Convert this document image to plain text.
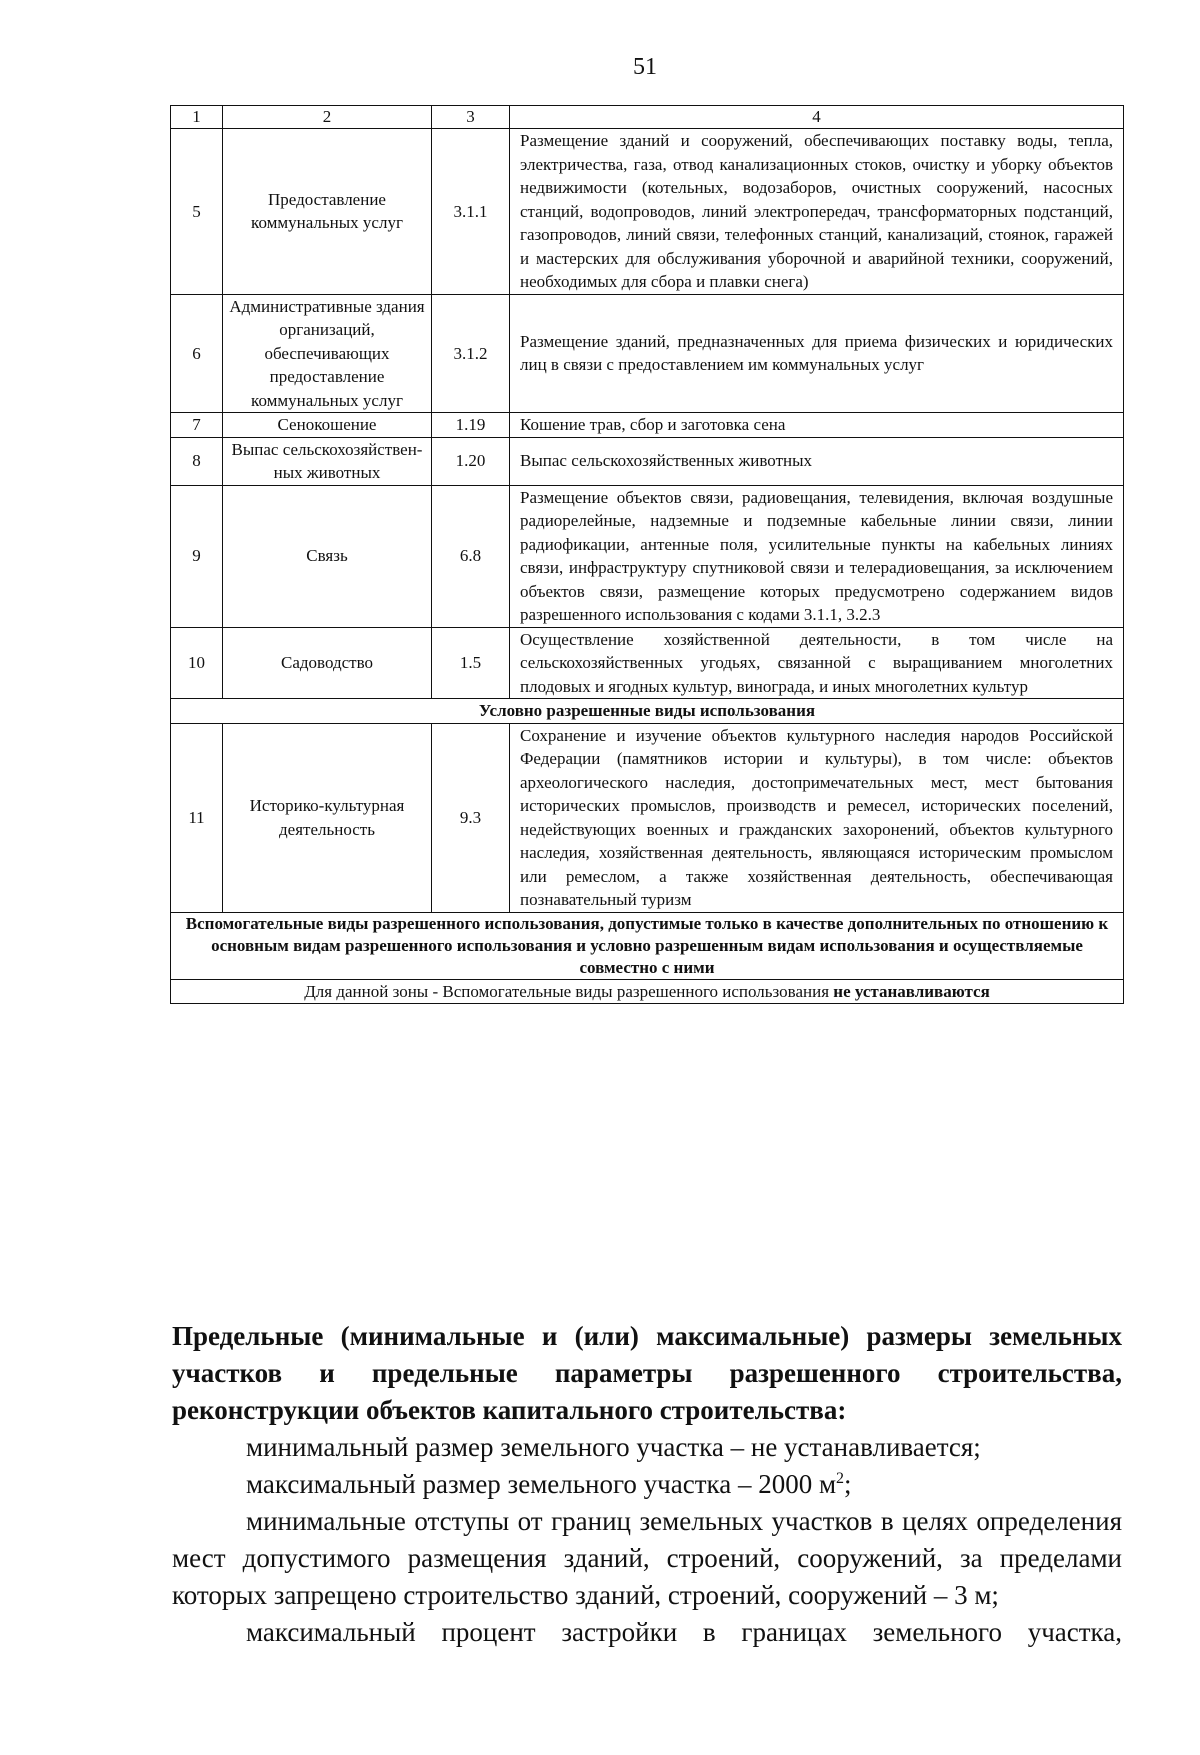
51
1	2	3	4
5	Предоставление коммунальных услуг	3.1.1	Размещение зданий и сооружений, обеспечивающих поставку воды, тепла, электричества, газа, отвод канализационных стоков, очистку и уборку объектов недвижимости (котельных, водозаборов, очистных сооружений, насосных станций, водопроводов, линий электропередач, трансформаторных подстанций, газопроводов, линий связи, телефонных станций, канализаций, стоянок, гаражей и мастерских для обслуживания уборочной и аварийной техники, сооружений, необходимых для сбора и плавки снега)
6	Административные здания организаций, обеспечивающих предоставление коммунальных услуг	3.1.2	Размещение зданий, предназначенных для приема физических и юридических лиц в связи с предоставлением им коммунальных услуг
7	Сенокошение	1.19	Кошение трав, сбор и заготовка сена
8	Выпас сельскохозяйствен-ных животных	1.20	Выпас сельскохозяйственных животных
9	Связь	6.8	Размещение объектов связи, радиовещания, телевидения, включая воздушные радиорелейные, надземные и подземные кабельные линии связи, линии радиофикации, антенные поля, усилительные пункты на кабельных линиях связи, инфраструктуру спутниковой связи и телерадиовещания, за исключением объектов связи, размещение которых предусмотрено содержанием видов разрешенного использования с кодами 3.1.1, 3.2.3
10	Садоводство	1.5	Осуществление хозяйственной деятельности, в том числе на сельскохозяйственных угодьях, связанной с выращиванием многолетних плодовых и ягодных культур, винограда, и иных многолетних культур
Условно разрешенные виды использования			
11	Историко-культурная деятельность	9.3	Сохранение и изучение объектов культурного наследия народов Российской Федерации (памятников истории и культуры), в том числе: объектов археологического наследия, достопримечательных мест, мест бытования исторических промыслов, производств и ремесел, исторических поселений, недействующих военных и гражданских захоронений, объектов культурного наследия, хозяйственная деятельность, являющаяся историческим промыслом или ремеслом, а также хозяйственная деятельность, обеспечивающая познавательный туризм
Вспомогательные виды разрешенного использования, допустимые только в качестве дополнительных по отношению к основным видам разрешенного использования и условно разрешенным видам использования и осуществляемые совместно с ними			
Для данной зоны - Вспомогательные виды разрешенного использования не устанавливаются			

Предельные (минимальные и (или) максимальные) размеры земельных участков и предельные параметры разрешенного строительства, реконструкции объектов капитального строительства:

минимальный размер земельного участка – не устанавливается;

максимальный размер земельного участка – 2000 $м^2$;

минимальные отступы от границ земельных участков в целях определения мест допустимого размещения зданий, строений, сооружений, за пределами которых запрещено строительство зданий, строений, сооружений – 3 м;

максимальный процент застройки в границах земельного участка,
